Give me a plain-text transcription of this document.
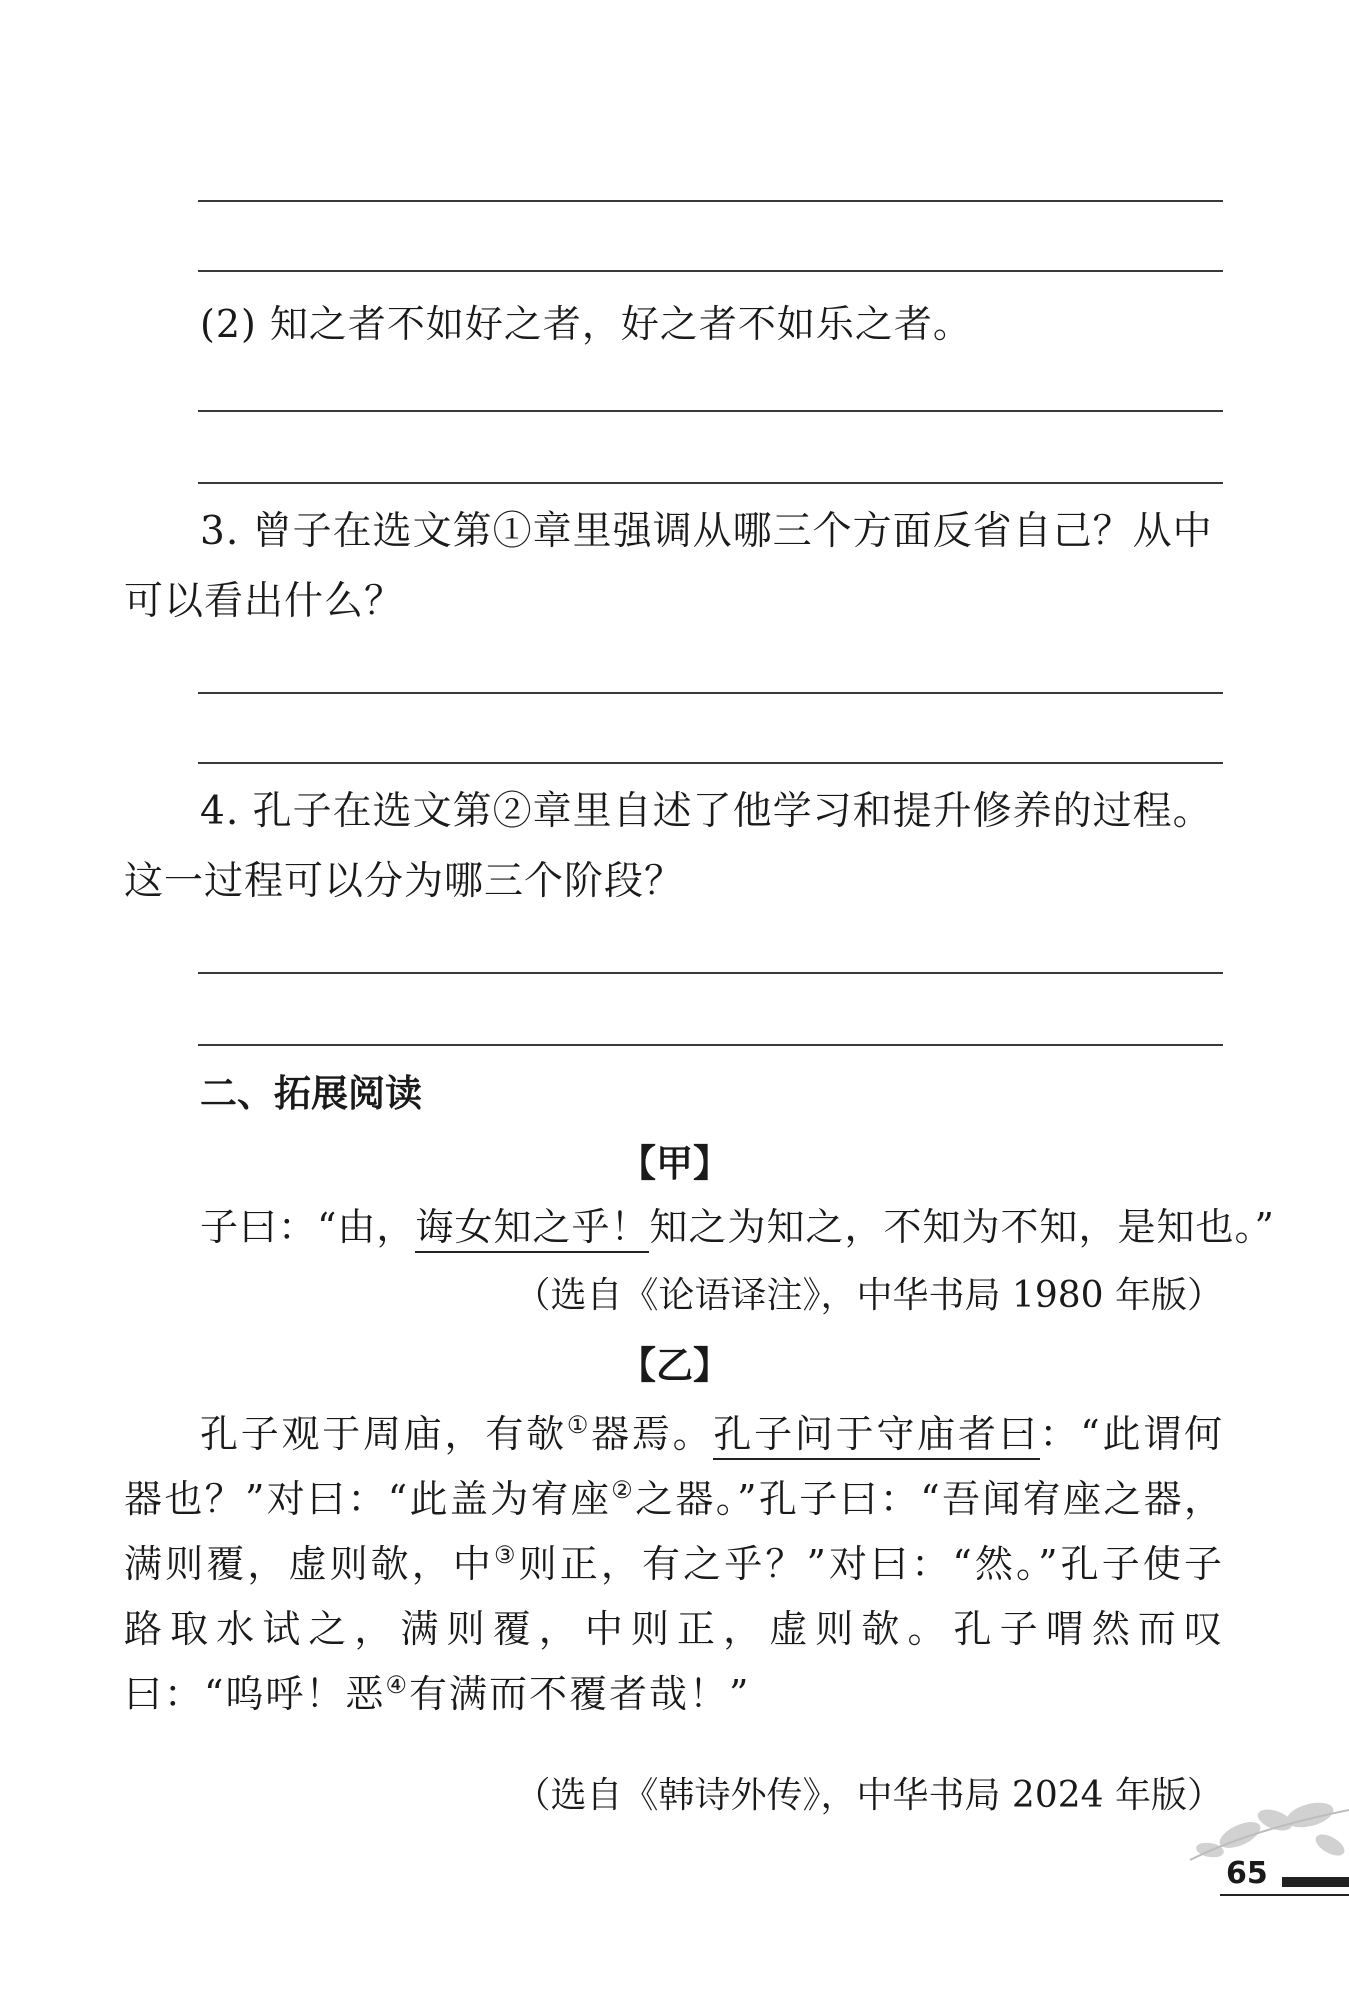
(2) 知之者不如好之者，好之者不如乐之者。
3. 曾子在选文第①章里强调从哪三个方面反省自己？从中
可以看出什么？
4. 孔子在选文第②章里自述了他学习和提升修养的过程。
这一过程可以分为哪三个阶段？
二、拓展阅读
【甲】
子曰：“由，诲女知之乎！知之为知之，不知为不知，是知也。”
（选自《论语译注》，中华书局 1980 年版）
【乙】

孔子观于周庙，有欹①器焉。孔子问于守庙者曰：“此谓何器也？”对曰：“此盖为宥座②之器。”孔子曰：“吾闻宥座之器，满则覆，虚则欹，中③则正，有之乎？”对曰：“然。”孔子使子路取水试之，满则覆，中则正，虚则欹。孔子喟然而叹曰：“呜呼！恶④有满而不覆者哉！”

（选自《韩诗外传》，中华书局 2024 年版）
65
